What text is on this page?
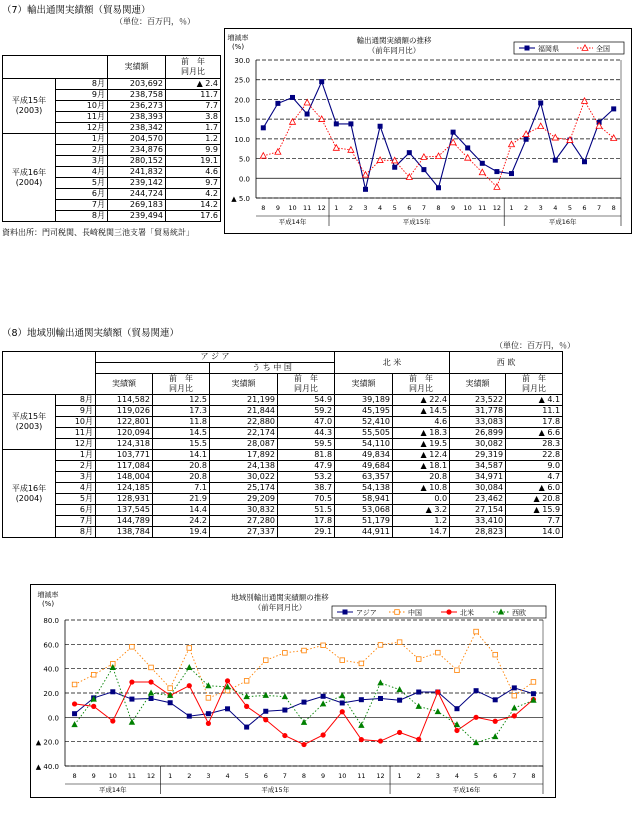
（7）輸出通関実績額（貿易関連）
（単位：百万円，％）
		実績額	前　年
同月比
平成15年
(2003)	8月	203,692	▲ 2.4
	9月	238,758	11.7
	10月	236,273	7.7
	11月	238,393	3.8
	12月	238,342	1.7
平成16年
(2004)	1月	204,570	1.2
	2月	234,876	9.9
	3月	280,152	19.1
	4月	241,832	4.6
	5月	239,142	9.7
	6月	244,724	4.2
	7月	269,183	14.2
	8月	239,494	17.6
資料出所：門司税関、長崎税関三池支署「貿易統計」
30.0
25.0
20.0
15.0
10.0
5.0
0.0
▲ 5.0
8 9 10 11 12 1 2 3 4 5 6 7 8 9 10 11 12 1 2 3 4 5 6 7 8
平成14年	平成15年	平成16年
増減率
(%)
輸出通関実績額の推移
（前年同月比）	福岡県	全国
（8）地域別輸出通関実績額（貿易関連）
（単位：百万円，％）
		ア ジ ア				北 米		西 欧	
				う ち 中 国					
		実績額	前　年
同月比	実績額	前　年
同月比	実績額	前　年
同月比	実績額	前　年
同月比
平成15年
(2003)	8月	114,582	12.5	21,199	54.9	39,189	▲ 22.4	23,522	▲ 4.1
	9月	119,026	17.3	21,844	59.2	45,195	▲ 14.5	31,778	11.1
	10月	122,801	11.8	22,880	47.0	52,410	4.6	33,083	17.8
	11月	120,094	14.5	22,174	44.3	55,505	▲ 18.3	26,899	▲ 6.6
	12月	124,318	15.5	28,087	59.5	54,110	▲ 19.5	30,082	28.3
平成16年
(2004)	1月	103,771	14.1	17,892	81.8	49,834	▲ 12.4	29,319	22.8
	2月	117,084	20.8	24,138	47.9	49,684	▲ 18.1	34,587	9.0
	3月	148,004	20.8	30,022	53.2	63,357	20.8	34,971	4.7
	4月	124,185	7.1	25,174	38.7	54,138	▲ 10.8	30,084	▲ 6.0
	5月	128,931	21.9	29,209	70.5	58,941	0.0	23,462	▲ 20.8
	6月	137,545	14.4	30,832	51.5	53,068	▲ 3.2	27,154	▲ 15.9
	7月	144,789	24.2	27,280	17.8	51,179	1.2	33,410	7.7
	8月	138,784	19.4	27,337	29.1	44,911	14.7	28,823	14.0
80.0
60.0
40.0
20.0
0.0
▲ 20.0
▲ 40.0
8 9 10 11 12 1 2 3 4 5 6 7 8 9 10 11 12 1 2 3 4 5 6 7 8
平成14年	平成15年	平成16年
増減率
(%)
地域別輸出通関実績額の推移
（前年同月比）
アジア	中国	北米	西欧
